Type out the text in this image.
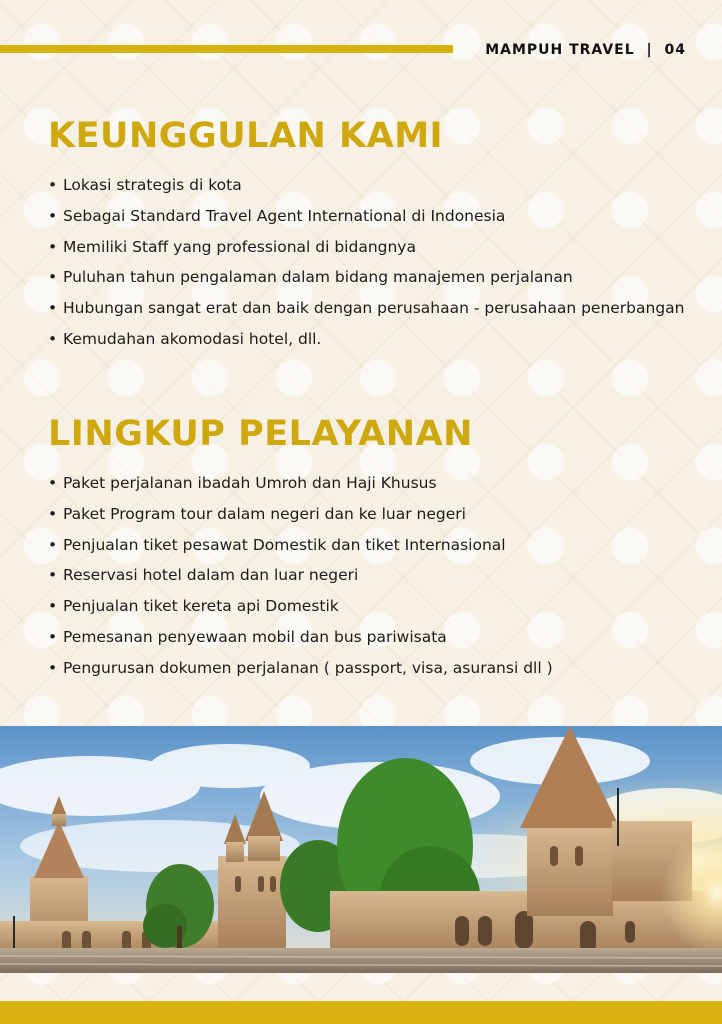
MAMPUH TRAVEL | 04
KEUNGGULAN KAMI
• Lokasi strategis di kota
• Sebagai Standard Travel Agent International di Indonesia
• Memiliki Staff yang professional di bidangnya
• Puluhan tahun pengalaman dalam bidang manajemen perjalanan
• Hubungan sangat erat dan baik dengan perusahaan - perusahaan penerbangan
• Kemudahan akomodasi hotel, dll.
LINGKUP PELAYANAN
• Paket perjalanan ibadah Umroh dan Haji Khusus
• Paket Program tour dalam negeri dan ke luar negeri
• Penjualan tiket pesawat Domestik dan tiket Internasional
• Reservasi hotel dalam dan luar negeri
• Penjualan tiket kereta api Domestik
• Pemesanan penyewaan mobil dan bus pariwisata
• Pengurusan dokumen perjalanan ( passport, visa, asuransi dll )
